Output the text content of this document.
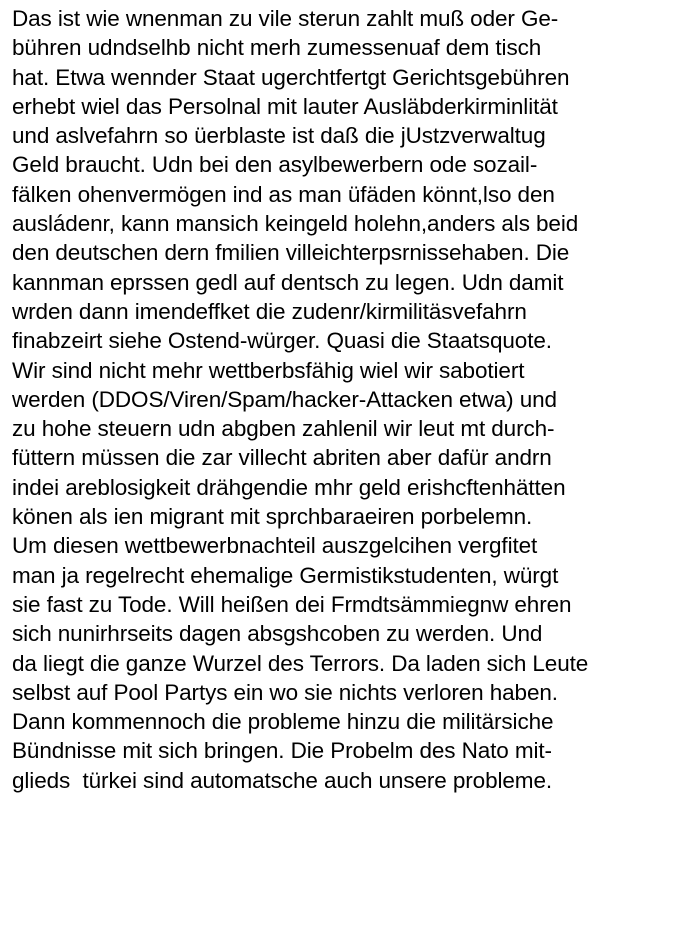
Das ist wie wnenman zu vile sterun zahlt muß oder Ge-
bühren udndselhb nicht merh zumessenuaf dem tisch
hat. Etwa wennder Staat ugerchtfertgt Gerichtsgebühren
erhebt wiel das Persolnal mit lauter Ausläbderkirminlität
und aslvefahrn so üerblaste ist daß die jUstzverwaltug
Geld braucht. Udn bei den asylbewerbern ode sozail-
fälken ohenvermögen ind as man üfäden könnt,lso den
ausládenr, kann mansich keingeld holehn,anders als beid
den deutschen dern fmilien villeichterpsrnissehaben. Die
kannman eprssen gedl auf dentsch zu legen. Udn damit
wrden dann imendeffket die zudenr/kirmilitäsvefahrn
finabzeirt siehe Ostend-würger. Quasi die Staatsquote.
Wir sind nicht mehr wettberbsfähig wiel wir sabotiert
werden (DDOS/Viren/Spam/hacker-Attacken etwa) und
zu hohe steuern udn abgben zahlenil wir leut mt durch-
füttern müssen die zar villecht abriten aber dafür andrn
indei areblosigkeit drähgendie mhr geld erishcftenhätten
könen als ien migrant mit sprchbaraeiren porbelemn.
Um diesen wettbewerbnachteil auszgelcihen vergfitet
man ja regelrecht ehemalige Germistikstudenten, würgt
sie fast zu Tode. Will heißen dei Frmdtsämmiegnw ehren
sich nunirhrseits dagen absgshcoben zu werden. Und
da liegt die ganze Wurzel des Terrors. Da laden sich Leute
selbst auf Pool Partys ein wo sie nichts verloren haben.
Dann kommennoch die probleme hinzu die militärsiche
Bündnisse mit sich bringen. Die Probelm des Nato mit-
glieds  türkei sind automatsche auch unsere probleme.
